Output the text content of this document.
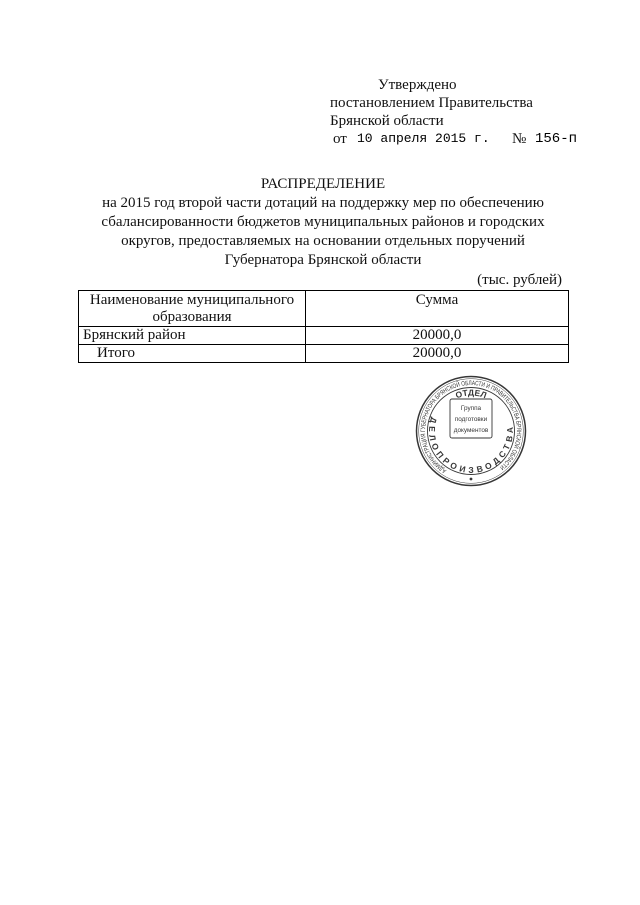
Утверждено
постановлением Правительства
Брянской области
от 10 апреля 2015 г. № 156-п
РАСПРЕДЕЛЕНИЕ
на 2015 год второй части дотаций на поддержку мер по обеспечению
сбалансированности бюджетов муниципальных районов и городских
округов, предоставляемых на основании отдельных поручений
Губернатора Брянской области
(тыс. рублей)
Наименование муниципального образования	Сумма
Брянский район	20000,0
Итого	20000,0
АДМИНИСТРАЦИЯ ГУБЕРНАТОРА БРЯНСКОЙ ОБЛАСТИ И ПРАВИТЕЛЬСТВА БРЯНСКОЙ ОБЛАСТИ
ОТДЕЛ
ДЕЛОПРОИЗВОДСТВА
Группа
подготовки
документов
